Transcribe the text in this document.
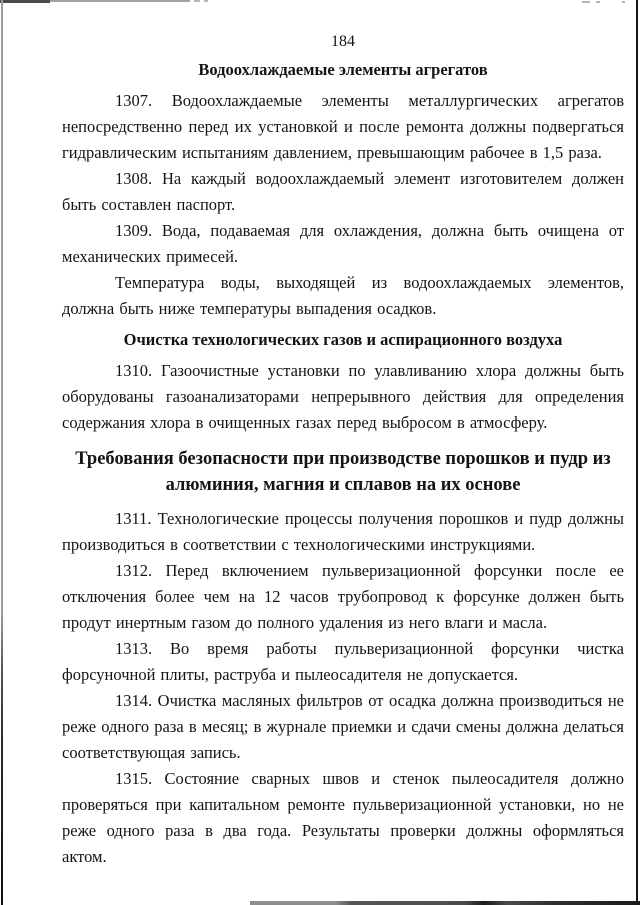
184
Водоохлаждаемые элементы агрегатов

1307. Водоохлаждаемые элементы металлургических агрегатов непосредственно перед их установкой и после ремонта должны подвергаться гидравлическим испытаниям давлением, превышающим рабочее в 1,5 раза.

1308. На каждый водоохлаждаемый элемент изготовителем должен быть составлен паспорт.

1309. Вода, подаваемая для охлаждения, должна быть очищена от механических примесей.

Температура воды, выходящей из водоохлаждаемых элементов, должна быть ниже температуры выпадения осадков.

Очистка технологических газов и аспирационного воздуха

1310. Газоочистные установки по улавливанию хлора должны быть оборудованы газоанализаторами непрерывного действия для определения содержания хлора в очищенных газах перед выбросом в атмосферу.

Требования безопасности при производстве порошков и пудр из алюминия, магния и сплавов на их основе

1311. Технологические процессы получения порошков и пудр должны производиться в соответствии с технологическими инструкциями.

1312. Перед включением пульверизационной форсунки после ее отключения более чем на 12 часов трубопровод к форсунке должен быть продут инертным газом до полного удаления из него влаги и масла.

1313. Во время работы пульверизационной форсунки чистка форсуночной плиты, раструба и пылеосадителя не допускается.

1314. Очистка масляных фильтров от осадка должна производиться не реже одного раза в месяц; в журнале приемки и сдачи смены должна делаться соответствующая запись.

1315. Состояние сварных швов и стенок пылеосадителя должно проверяться при капитальном ремонте пульверизационной установки, но не реже одного раза в два года. Результаты проверки должны оформляться актом.
